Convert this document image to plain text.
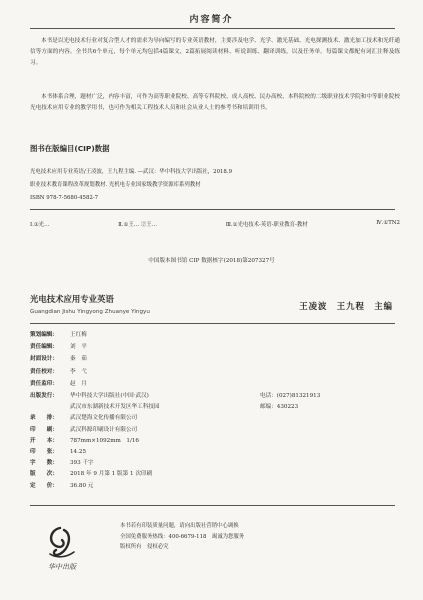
内容简介
本书是以光电技术行业对复合型人才的需求为导向编写的专业英语教材，主要涉及电学、光学、激光基础、光电探测技术、激光加工技术和光纤通信等方面的内容。全书共6个单元，每个单元均包括4篇课文，2篇拓展阅读材料、听说训练、翻译训练，以及任务单。每篇课文都配有词汇注释及练习。
本书体系合理，题材广泛，内容丰富，可作为高等职业院校、高等专科院校、成人高校、民办高校、本科院校的二级职业技术学院和中等职业院校光电技术应用专业的教学用书，也可作为相关工程技术人员和社会从业人士的参考书和培训用书。
图书在版编目(CIP)数据
光电技术应用专业英语/王凌波，王九程主编. —武汉：华中科技大学出版社，2018.9
职业技术教育课程改革规划教材. 光机电专业国家级教学资源库系列教材
ISBN 978-7-5680-4582-7
Ⅰ.①光…	Ⅱ.①王… ②王…	Ⅲ.①光电技术-英语-职业教育-教材	Ⅳ.①TN2
中国版本图书馆 CIP 数据核字(2018)第207327号
光电技术应用专业英语
Guangdian Jishu Yingyong Zhuanye Yingyu
王凌波　王九程　主编
策划编辑： 王红梅
责任编辑： 刘　平
封面设计： 秦　茹
责任校对： 李　弋
责任监印： 赵　月
出版发行： 华中科技大学出版社(中国·武汉)	电话：(027)81321913
武汉市东湖新技术开发区华工科技园	邮编：430223
录　　排： 武汉楚海文化传播有限公司
印　　刷： 武汉科源印刷设计有限公司
开　　本： 787mm×1092mm　1/16
印　　张： 14.25
字　　数： 393 千字
版　　次： 2018 年 9 月第 1 版第 1 次印刷
定　　价： 36.80 元
华中出版
本书若有印装质量问题，请向出版社营销中心调换
全国免费服务热线：400-6679-118　竭诚为您服务
版权所有　侵权必究
